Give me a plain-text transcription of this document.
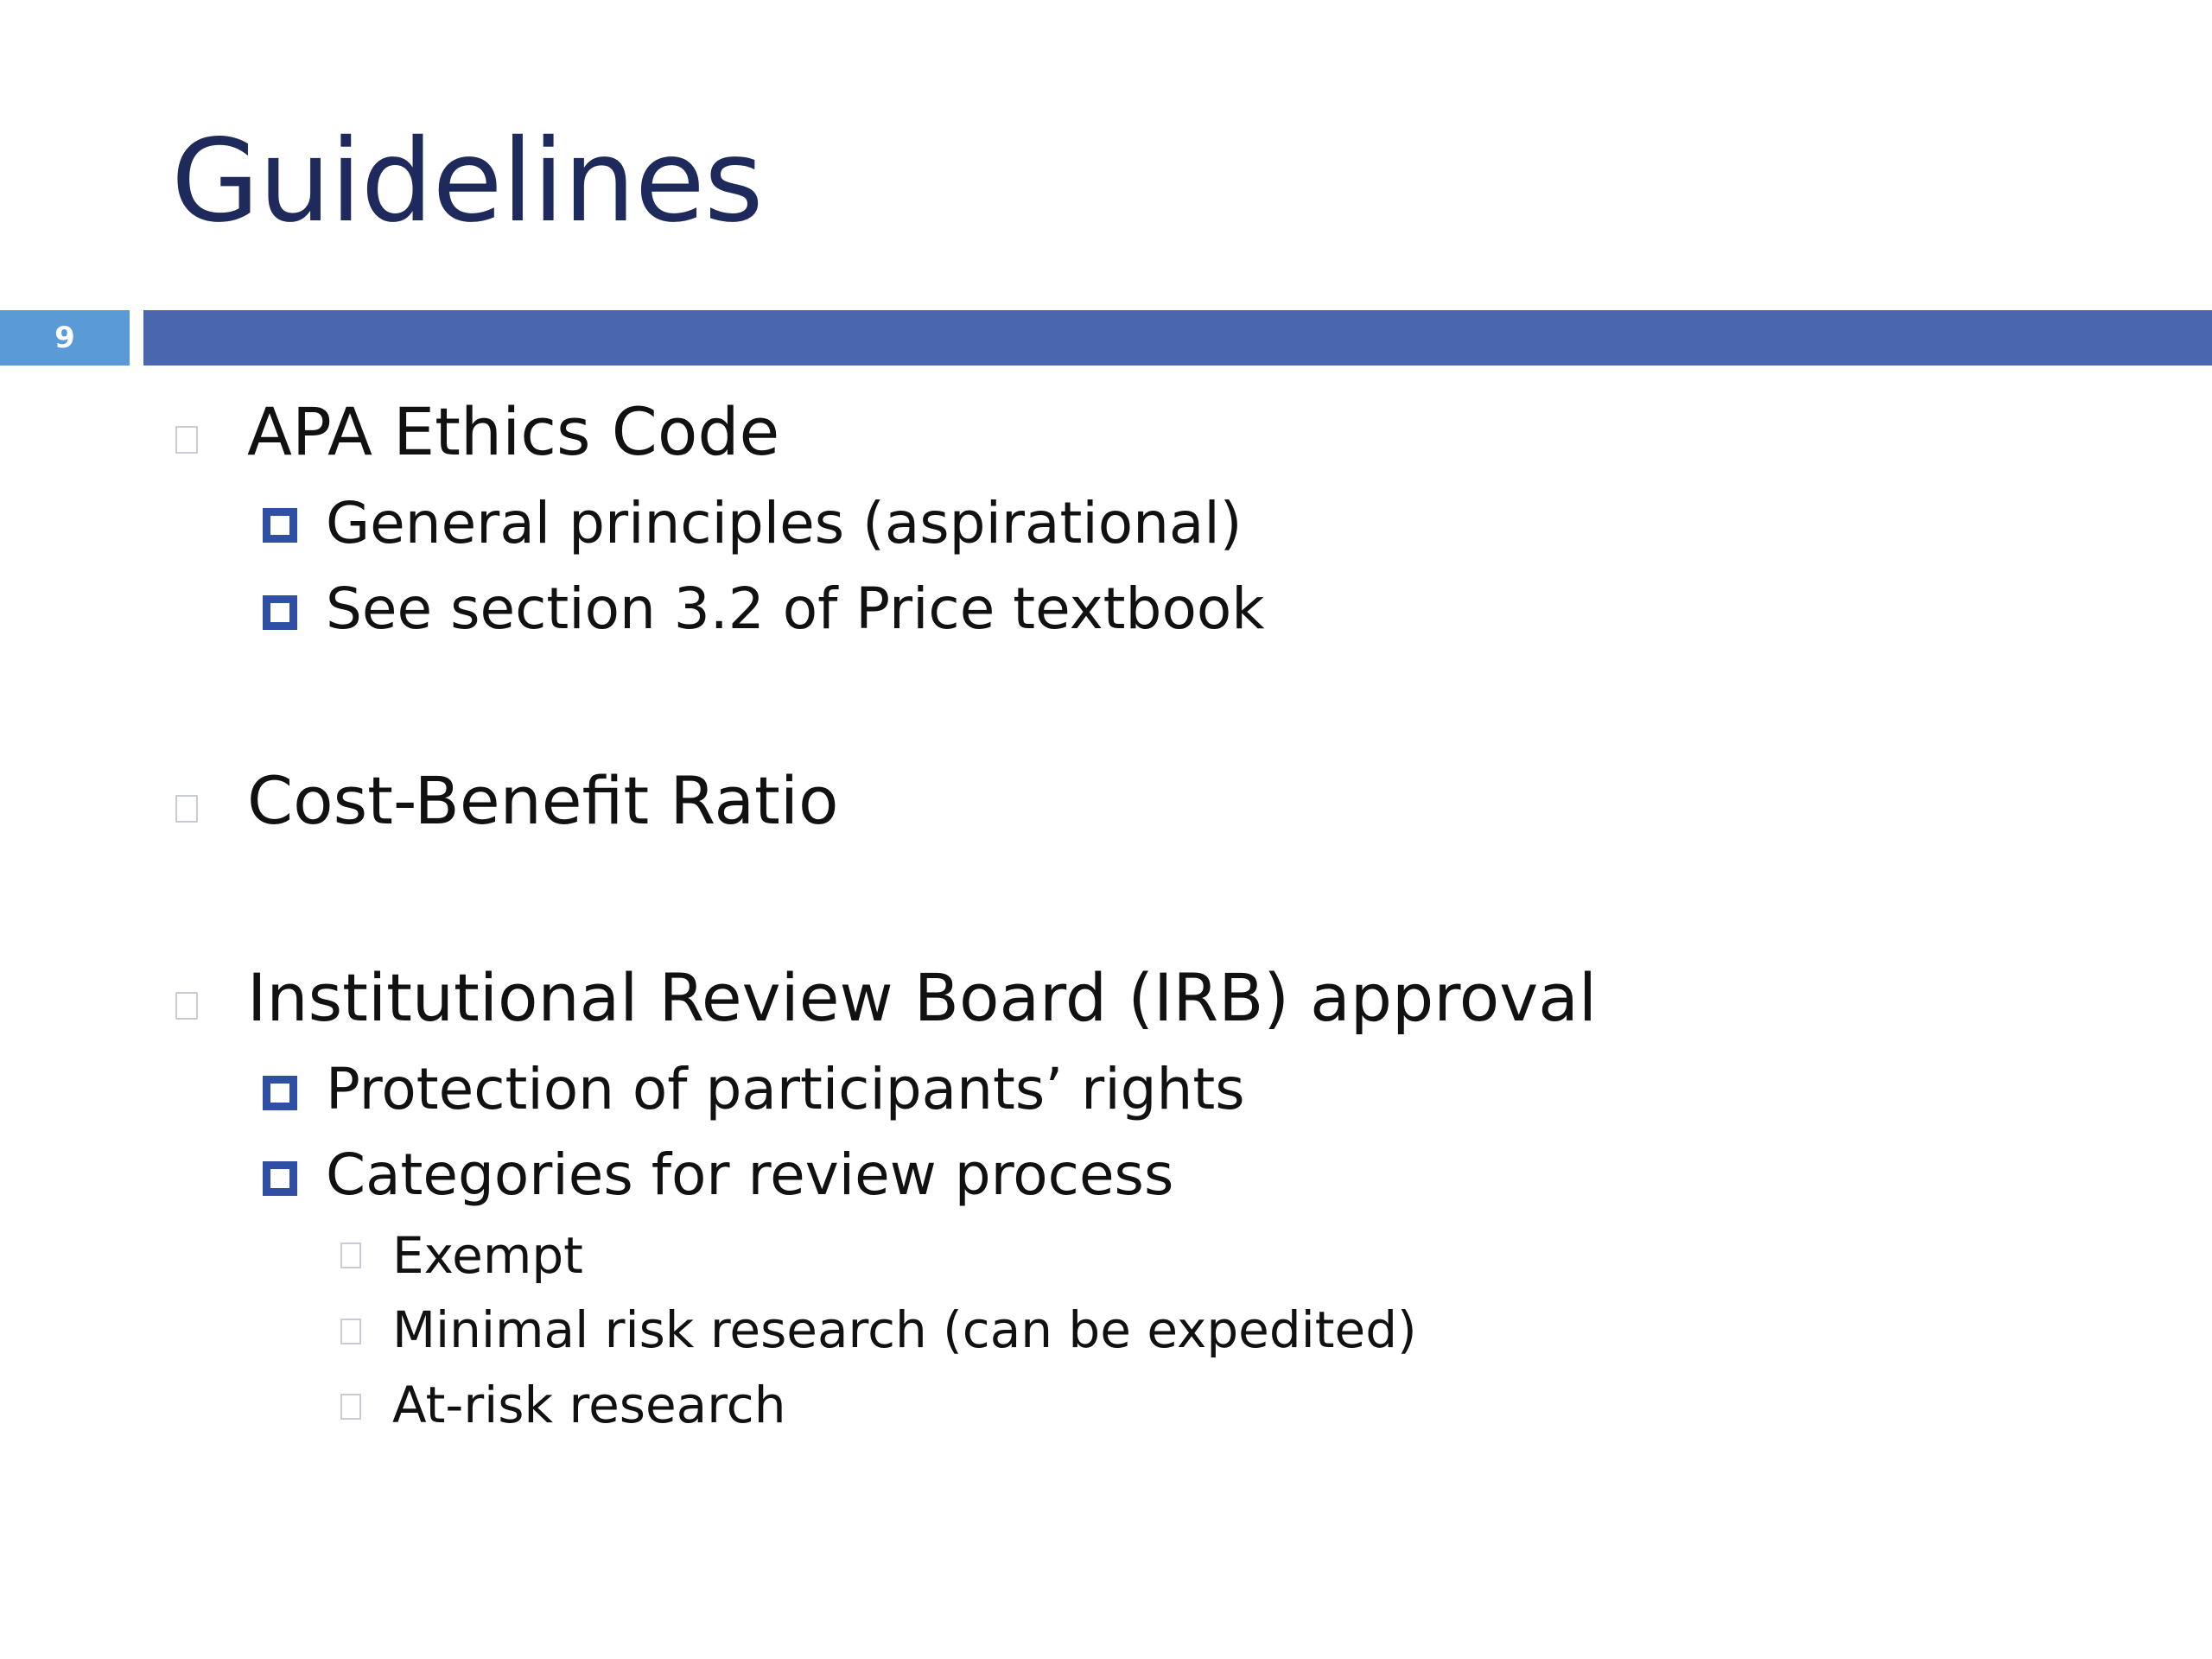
Guidelines
9
APA Ethics Code
General principles (aspirational)
See section 3.2 of Price textbook
Cost-Benefit Ratio
Institutional Review Board (IRB) approval
Protection of participants’ rights
Categories for review process
Exempt
Minimal risk research (can be expedited)
At-risk research
